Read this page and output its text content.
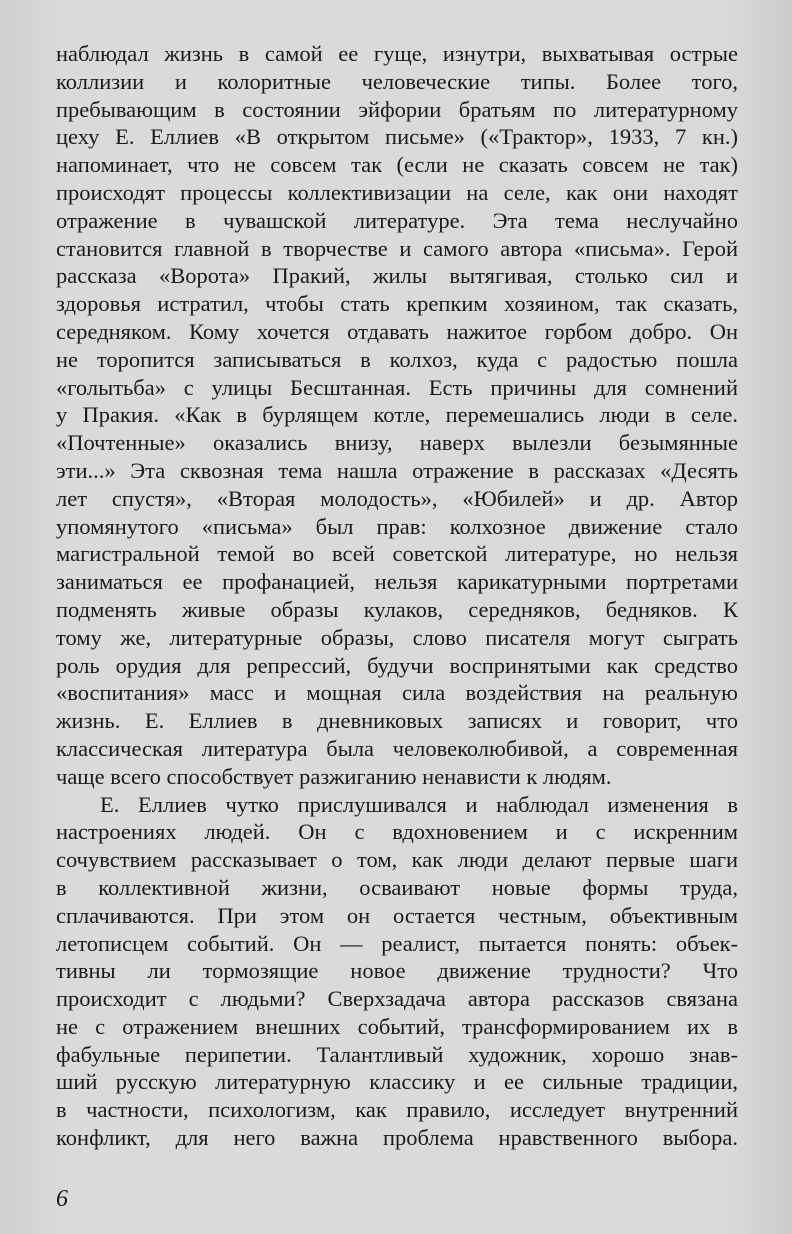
наблюдал жизнь в самой ее гуще, изнутри, выхватывая острые
коллизии и колоритные человеческие типы. Более того,
пребывающим в состоянии эйфории братьям по литературному
цеху Е. Еллиев «В открытом письме» («Трактор», 1933, 7 кн.)
напоминает, что не совсем так (если не сказать совсем не так)
происходят процессы коллективизации на селе, как они находят
отражение в чувашской литературе. Эта тема неслучайно
становится главной в творчестве и самого автора «письма». Герой
рассказа «Ворота» Пракий, жилы вытягивая, столько сил и
здоровья истратил, чтобы стать крепким хозяином, так сказать,
середняком. Кому хочется отдавать нажитое горбом добро. Он
не торопится записываться в колхоз, куда с радостью пошла
«голытьба» с улицы Бесштанная. Есть причины для сомнений
у Пракия. «Как в бурлящем котле, перемешались люди в селе.
«Почтенные» оказались внизу, наверх вылезли безымянные
эти...» Эта сквозная тема нашла отражение в рассказах «Десять
лет спустя», «Вторая молодость», «Юбилей» и др. Автор
упомянутого «письма» был прав: колхозное движение стало
магистральной темой во всей советской литературе, но нельзя
заниматься ее профанацией, нельзя карикатурными портретами
подменять живые образы кулаков, середняков, бедняков. К
тому же, литературные образы, слово писателя могут сыграть
роль орудия для репрессий, будучи воспринятыми как средство
«воспитания» масс и мощная сила воздействия на реальную
жизнь. Е. Еллиев в дневниковых записях и говорит, что
классическая литература была человеколюбивой, а современная
чаще всего способствует разжиганию ненависти к людям.
Е. Еллиев чутко прислушивался и наблюдал изменения в
настроениях людей. Он с вдохновением и с искренним
сочувствием рассказывает о том, как люди делают первые шаги
в коллективной жизни, осваивают новые формы труда,
сплачиваются. При этом он остается честным, объективным
летописцем событий. Он — реалист, пытается понять: объек-
тивны ли тормозящие новое движение трудности? Что
происходит с людьми? Сверхзадача автора рассказов связана
не с отражением внешних событий, трансформированием их в
фабульные перипетии. Талантливый художник, хорошо знав-
ший русскую литературную классику и ее сильные традиции,
в частности, психологизм, как правило, исследует внутренний
конфликт, для него важна проблема нравственного выбора.
6
